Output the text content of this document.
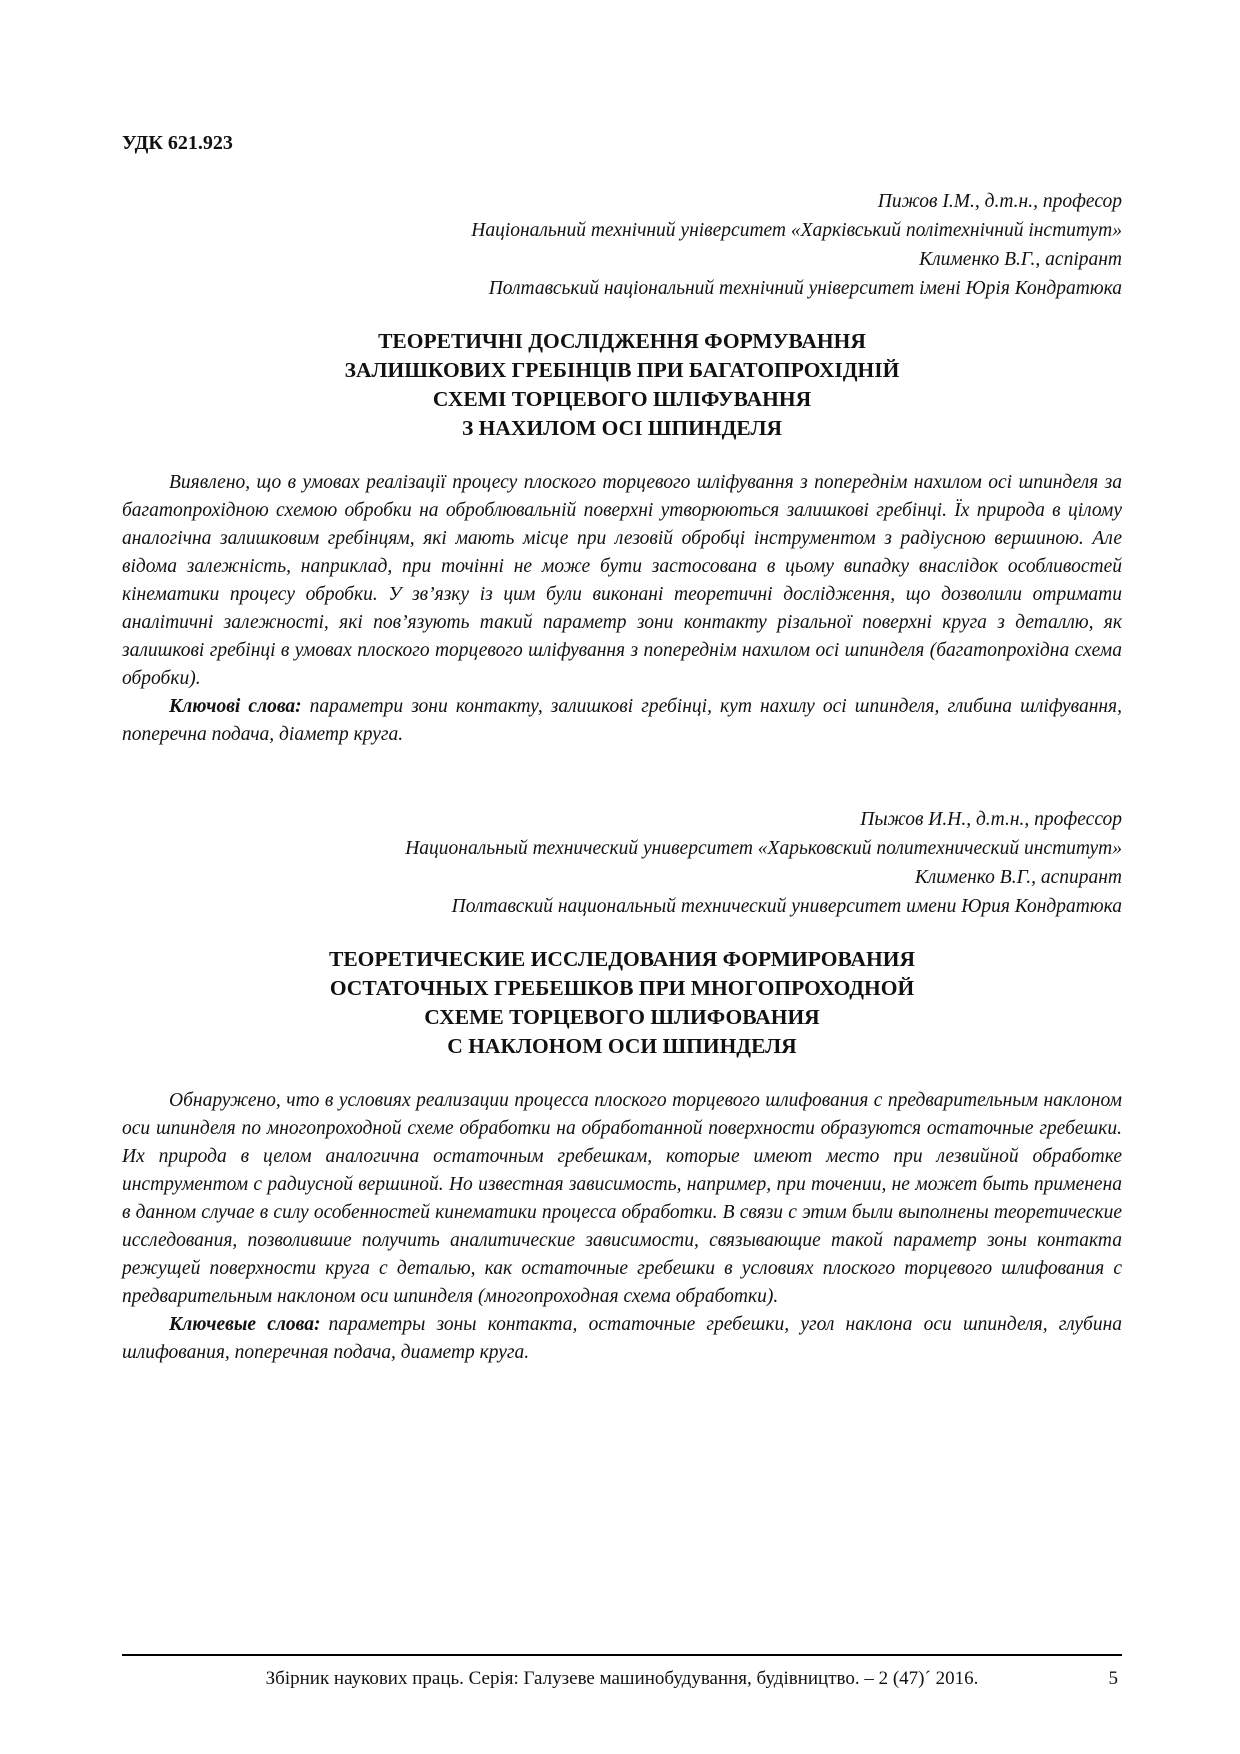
УДК 621.923
Пижов І.М., д.т.н., професор
Національний технічний університет «Харківський політехнічний інститут»
Клименко В.Г., аспірант
Полтавський національний технічний університет імені Юрія Кондратюка
ТЕОРЕТИЧНІ ДОСЛІДЖЕННЯ ФОРМУВАННЯ
ЗАЛИШКОВИХ ГРЕБІНЦІВ ПРИ БАГАТОПРОХІДНІЙ
СХЕМІ ТОРЦЕВОГО ШЛІФУВАННЯ
З НАХИЛОМ ОСІ ШПИНДЕЛЯ

Виявлено, що в умовах реалізації процесу плоского торцевого шліфування з попереднім нахилом осі шпинделя за багатопрохідною схемою обробки на оброблювальній поверхні утворюються залишкові гребінці. Їх природа в цілому аналогічна залишковим гребінцям, які мають місце при лезовій обробці інструментом з радіусною вершиною. Але відома залежність, наприклад, при точінні не може бути застосована в цьому випадку внаслідок особливостей кінематики процесу обробки. У зв’язку із цим були виконані теоретичні дослідження, що дозволили отримати аналітичні залежності, які пов’язують такий параметр зони контакту різальної поверхні круга з деталлю, як залишкові гребінці в умовах плоского торцевого шліфування з попереднім нахилом осі шпинделя (багатопрохідна схема обробки).

Ключові слова: параметри зони контакту, залишкові гребінці, кут нахилу осі шпинделя, глибина шліфування, поперечна подача, діаметр круга.

Пыжов И.Н., д.т.н., профессор
Национальный технический университет «Харьковский политехнический институт»
Клименко В.Г., аспирант
Полтавский национальный технический университет имени Юрия Кондратюка
ТЕОРЕТИЧЕСКИЕ ИССЛЕДОВАНИЯ ФОРМИРОВАНИЯ
ОСТАТОЧНЫХ ГРЕБЕШКОВ ПРИ МНОГОПРОХОДНОЙ
СХЕМЕ ТОРЦЕВОГО ШЛИФОВАНИЯ
С НАКЛОНОМ ОСИ ШПИНДЕЛЯ

Обнаружено, что в условиях реализации процесса плоского торцевого шлифования с предварительным наклоном оси шпинделя по многопроходной схеме обработки на обработанной поверхности образуются остаточные гребешки. Их природа в целом аналогична остаточным гребешкам, которые имеют место при лезвийной обработке инструментом с радиусной вершиной. Но известная зависимость, например, при точении, не может быть применена в данном случае в силу особенностей кинематики процесса обработки. В связи с этим были выполнены теоретические исследования, позволившие получить аналитические зависимости, связывающие такой параметр зоны контакта режущей поверхности круга с деталью, как остаточные гребешки в условиях плоского торцевого шлифования с предварительным наклоном оси шпинделя (многопроходная схема обработки).

Ключевые слова: параметры зоны контакта, остаточные гребешки, угол наклона оси шпинделя, глубина шлифования, поперечная подача, диаметр круга.

Збірник наукових праць. Серія: Галузеве машинобудування, будівництво. – 2 (47)´ 2016.	5
